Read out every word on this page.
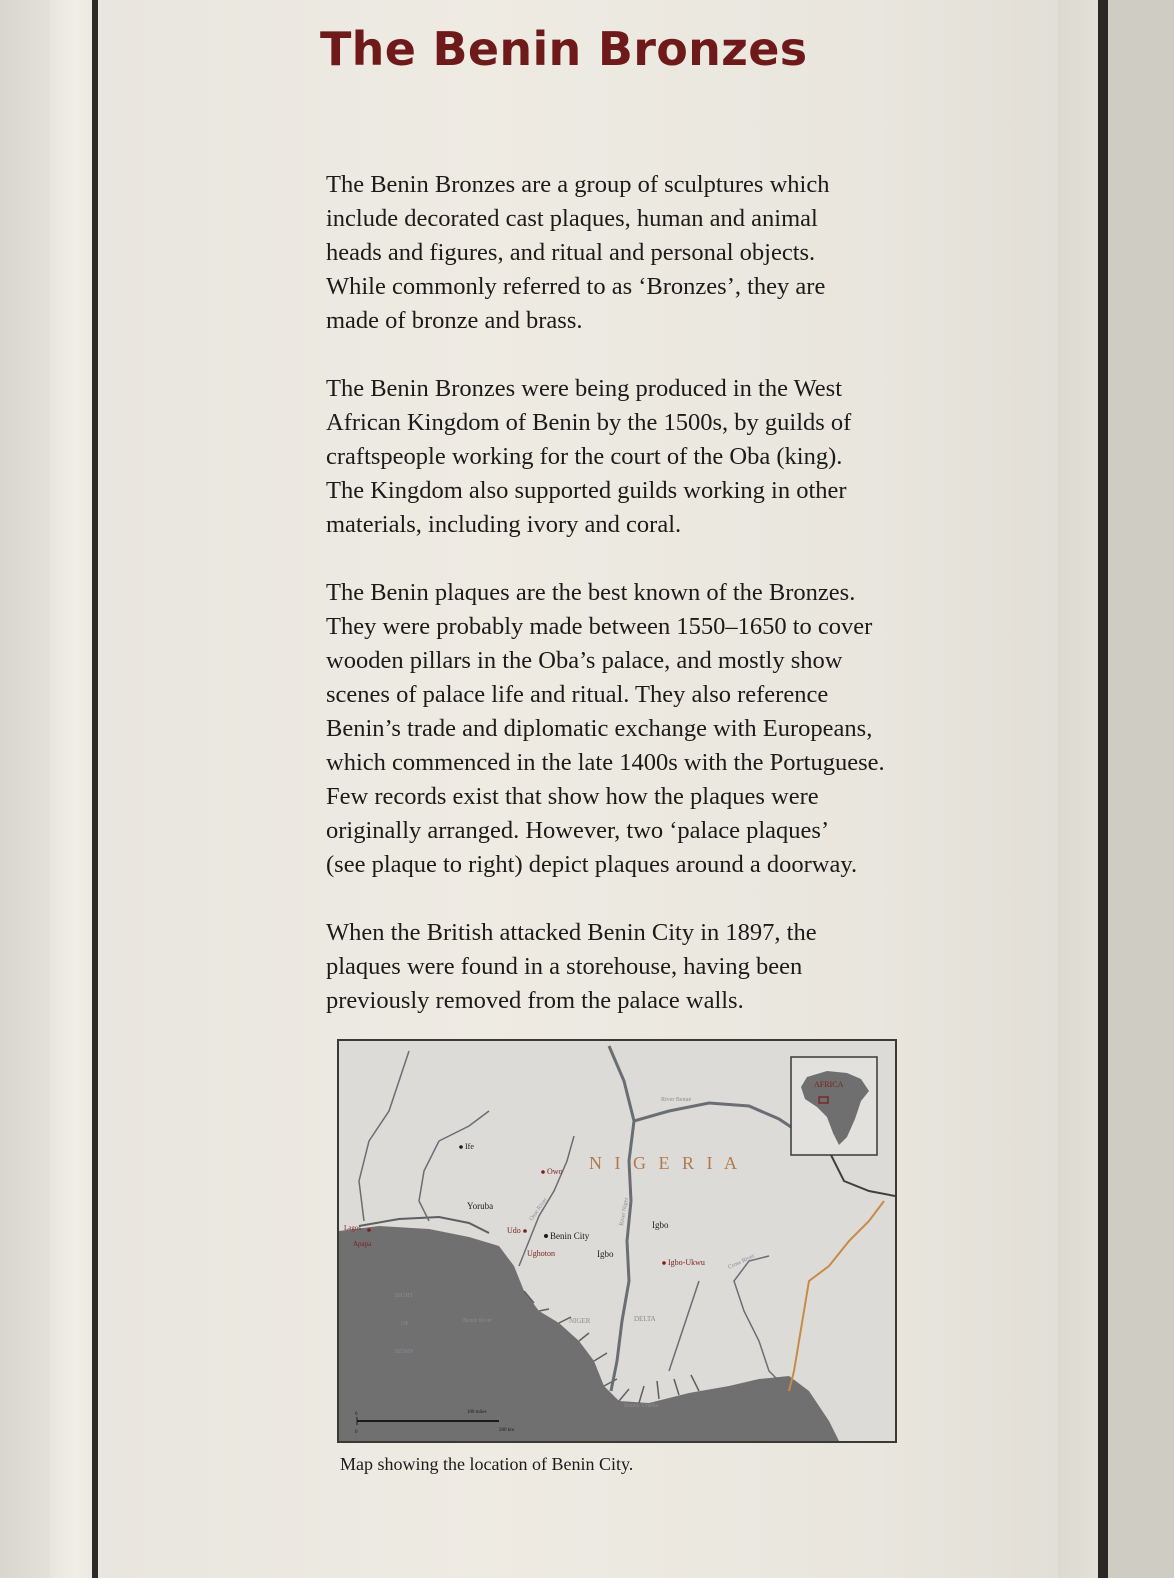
The Benin Bronzes

The Benin Bronzes are a group of sculptures which
include decorated cast plaques, human and animal
heads and figures, and ritual and personal objects.
While commonly referred to as ‘Bronzes’, they are
made of bronze and brass.

The Benin Bronzes were being produced in the West
African Kingdom of Benin by the 1500s, by guilds of
craftspeople working for the court of the Oba (king).
The Kingdom also supported guilds working in other
materials, including ivory and coral.

The Benin plaques are the best known of the Bronzes.
They were probably made between 1550–1650 to cover
wooden pillars in the Oba’s palace, and mostly show
scenes of palace life and ritual. They also reference
Benin’s trade and diplomatic exchange with Europeans,
which commenced in the late 1400s with the Portuguese.
Few records exist that show how the plaques were
originally arranged. However, two ‘palace plaques’
(see plaque to right) depict plaques around a doorway.

When the British attacked Benin City in 1897, the
plaques were found in a storehouse, having been
previously removed from the palace walls.

AFRICA
N I G E R I A
Ife
Owo
Yoruba
Udo
Benin City
Ughoton	Igbo
Igbo
Igbo-Ukwu
Lagos
Apapa
River Benue
River Niger
Osse River
Cross River
Benin River
BIGHT
OF
BENIN
NIGER	DELTA
Bonny Creeks
0
0
100 miles
200 km
Map showing the location of Benin City.
